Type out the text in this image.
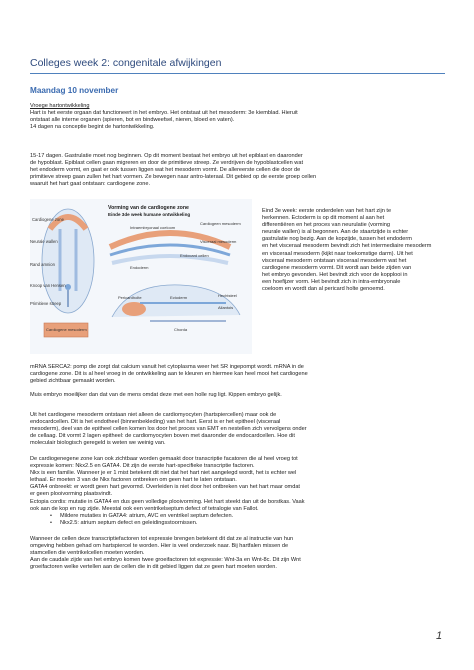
Colleges week 2: congenitale afwijkingen
Maandag 10 november

Vroege hartontwikkeling

Hart is het eerste orgaan dat functioneert in het embryo. Het ontstaat uit het mesoderm: 3e kiemblad. Hieruit

ontstaat alle interne organen (spieren, bot en bindweefsel, nieren, bloed en vaten).

14 dagen na conceptie begint de hartontwikkeling.

15-17 dagen. Gastrulatie moet nog beginnen. Op dit moment bestaat het embryo uit het epiblast en daaronder

de hypoblast. Epiblast cellen gaan migreren en door de primitieve streep. Ze verdrijven de hypoblastcellen wat

het endoderm vormt, en gaat er ook tussen liggen wat het mesoderm vormt. De allereerste cellen die door de

primitieve streep gaan zullen het hart vormen. Ze bewegen naar antro-lateraal. Dit gebied op de eerste groep cellen

waaruit het hart gaat ontstaan: cardiogene zone.

Cardiogene zone
Neurale wallen
Rand amnion
Knoop van Hensen
Primitieve streep
Cardiogene mesoderm
Vorming van de cardiogene zone
Einde 3de week humane ontwikkeling
Intraembryonaal coeloom
Cardiogeen mesoderm
Visceraal mesoderm
Endocard cellen
Endoderm
Pericardholte	Ectoderm	Hechtsteel
Allantois
Chorda

Eind 3e week: eerste onderdelen van het hart zijn te

herkennen. Ectoderm is op dit moment al aan het

differentiëren en het proces van neurulatie (vorming

neurale wallen) is al begonnen. Aan de staartzijde is echter

gastrulatie nog bezig. Aan de kopzijde, tussen het endoderm

en het visceraal mesoderm bevindt zich het intermediaire mesoderm

en visceraal mesoderm (kijkt naar toekomstige darm). Uit het

visceraal mesoderm ontstaan visceraal mesoderm wat het

cardiogene mesoderm vormt. Dit wordt aan beide zijden van

het embryo gevonden. Het bevindt zich voor de kopplooi in

een hoefijzer vorm. Het bevindt zich in intra-embryonale

coeloom en wordt dan al pericard holte genoemd.

mRNA SERCA2: pomp die zorgt dat calcium vanuit het cytoplasma weer het SR ingepompt wordt. mRNA in de

cardiogene zone. Dit is al heel vroeg in de ontwikkeling aan te kleuren en hiermee kan heel mooi het cardiogene

gebied zichtbaar gemaakt worden.

Muis embryo moeilijker dan dat van de mens omdat deze met een holle rug ligt. Kippen embryo gelijk.

Uit het cardiogene mesoderm ontstaan niet alleen de cardiomyocyten (hartspiercellen) maar ook de

endocardcellen. Dit is het endotheel (binnenbekleding) van het hart. Eerst is er het epitheel (visceraal

mesoderm), deel van de epitheel cellen komen los door het proces van EMT en nestellen zich vervolgens onder

de cellaag. Dit vormt 2 lagen epitheel: de cardiomyocyten boven met daaronder de endocardcellen. Hoe dit

moleculair biologisch geregeld is weten we weinig van.

De cardiogenegene zone kan ook zichtbaar worden gemaakt door transcriptie facatoren die al heel vroeg tot

expressie komen: Nkx2.5 en GATA4. Dit zijn de eerste hart-specifieke transcriptie factoren.

Nkx is een familie. Wanneer je er 1 mist betekent dit niet dat het hart niet aangelegd wordt, het is echter wel

lethaal. Er moeten 3 van de Nkx factoren ontbreken om geen hart te laten ontstaan.

GATA4 onbreekt: er wordt geen hart gevormd. Overleiden is niet door het ontbreken van het hart maar omdat

er geen plooivorming plaatsvindt.

Ectopia cordis: mutatie in GATA4 en dus geen volledige plooivorming. Het hart steekt dan uit de borstkas. Vaak

ook aan de kop en rug zijde. Meestal ook een ventrikelseptum defect of tetralogie van Fallot.

• Mildere mutaties in GATA4: atrium, AVC en ventrikel septum defecten.
• Nkx2.5: atrium septum defect en geleidingsstoornissen.

Wanneer de cellen deze transcriptiefactoren tot expressie brengen betekent dit dat ze al instructie van hun

omgeving hebben gehad om hartspiercel te worden. Hier is veel onderzoek naar. Bij hartfalen missen de

stamcellen die ventrikelcellen moeten worden.

Aan de caudale zijde van het embryo komen twee groeifactoren tot expressie: Wnt-3a en Wnt-8c. Dit zijn Wnt

groeifactoren welke vertellen aan de cellen die in dit gebied liggen dat ze geen hart moeten worden.

1
